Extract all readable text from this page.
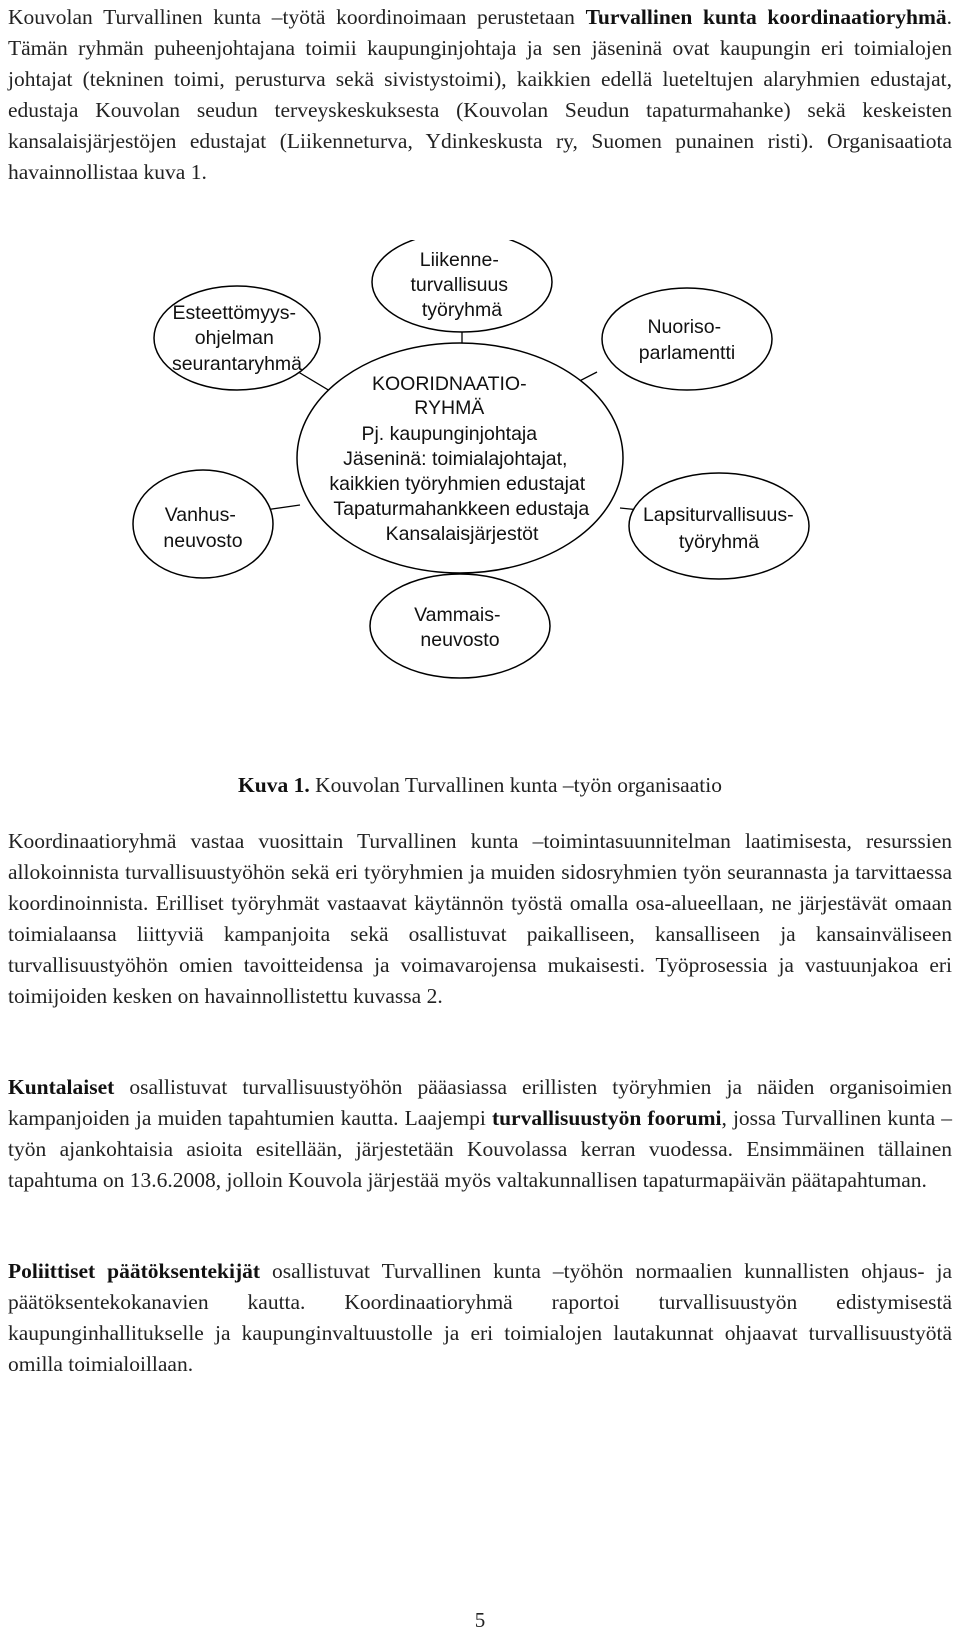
Kouvolan Turvallinen kunta –työtä koordinoimaan perustetaan Turvallinen kunta koordinaatioryhmä. Tämän ryhmän puheenjohtajana toimii kaupunginjohtaja ja sen jäseninä ovat kaupungin eri toimialojen johtajat (tekninen toimi, perusturva sekä sivistystoimi), kaikkien edellä lueteltujen alaryhmien edustajat, edustaja Kouvolan seudun terveyskeskuksesta (Kouvolan Seudun tapaturmahanke) sekä keskeisten kansalaisjärjestöjen edustajat (Liikenneturva, Ydinkeskusta ry, Suomen punainen risti). Organisaatiota havainnollistaa kuva 1.

KOORIDNAATIO- RYHMÄ Pj. kaupunginjohtaja Jäseninä: toimialajohtajat, kaikkien työryhmien edustajat Tapaturmahankkeen edustaja Kansalaisjärjestöt
Liikenne- turvallisuus työryhmä
Esteettömyys- ohjelman seurantaryhmä
Nuoriso- parlamentti
Vanhus- neuvosto
Lapsiturvallisuus- työryhmä
Vammais- neuvosto

Kuva 1. Kouvolan Turvallinen kunta –työn organisaatio

Koordinaatioryhmä vastaa vuosittain Turvallinen kunta –toimintasuunnitelman laatimisesta, resurssien allokoinnista turvallisuustyöhön sekä eri työryhmien ja muiden sidosryhmien työn seurannasta ja tarvittaessa koordinoinnista. Erilliset työryhmät vastaavat käytännön työstä omalla osa-alueellaan, ne järjestävät omaan toimialaansa liittyviä kampanjoita sekä osallistuvat paikalliseen, kansalliseen ja kansainväliseen turvallisuustyöhön omien tavoitteidensa ja voimavarojensa mukaisesti. Työprosessia ja vastuunjakoa eri toimijoiden kesken on havainnollistettu kuvassa 2.

Kuntalaiset osallistuvat turvallisuustyöhön pääasiassa erillisten työryhmien ja näiden organisoimien kampanjoiden ja muiden tapahtumien kautta. Laajempi turvallisuustyön foorumi, jossa Turvallinen kunta –työn ajankohtaisia asioita esitellään, järjestetään Kouvolassa kerran vuodessa. Ensimmäinen tällainen tapahtuma on 13.6.2008, jolloin Kouvola järjestää myös valtakunnallisen tapaturmapäivän päätapahtuman.

Poliittiset päätöksentekijät osallistuvat Turvallinen kunta –työhön normaalien kunnallisten ohjaus- ja päätöksentekokanavien kautta. Koordinaatioryhmä raportoi turvallisuustyön edistymisestä kaupunginhallitukselle ja kaupunginvaltuustolle ja eri toimialojen lautakunnat ohjaavat turvallisuustyötä omilla toimialoillaan.

5
